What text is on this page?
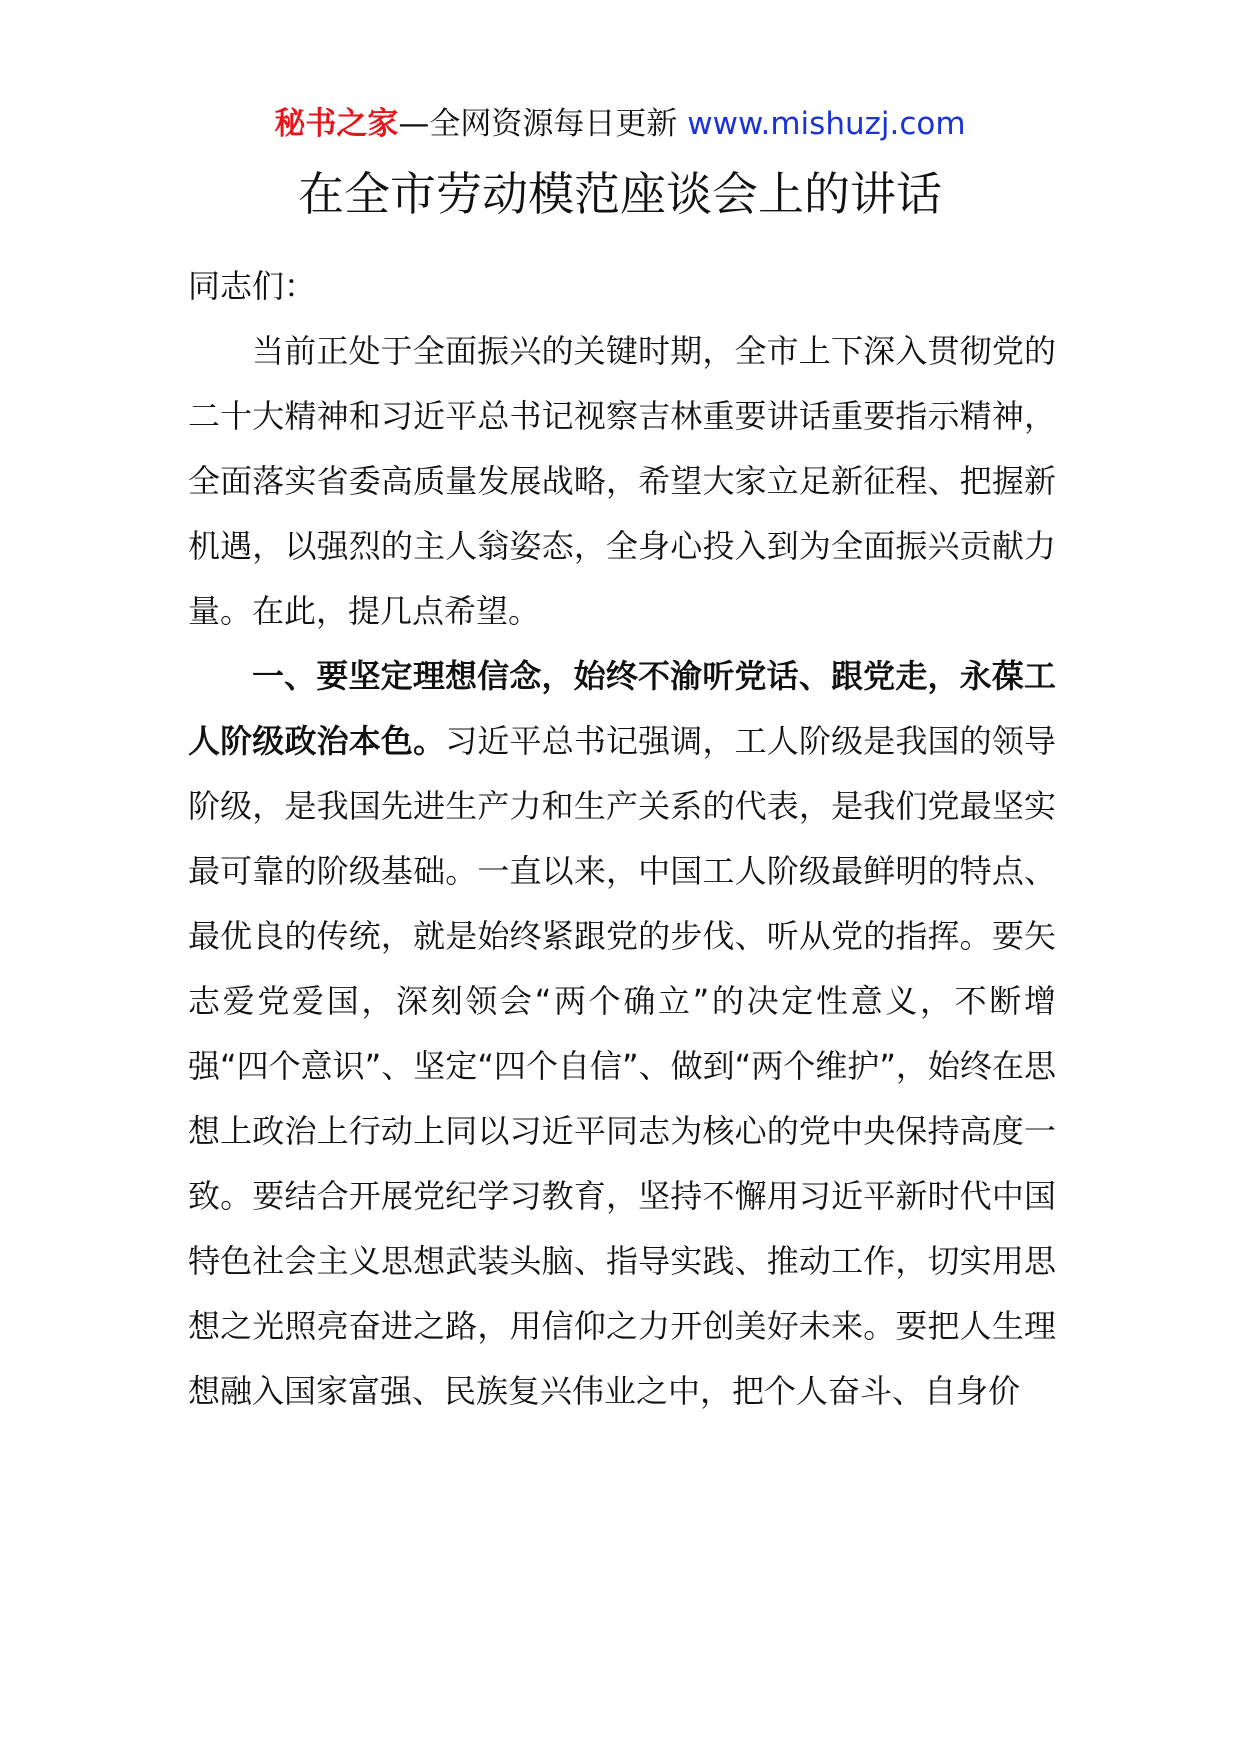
秘书之家—全网资源每日更新 www.mishuzj.com
在全市劳动模范座谈会上的讲话

同志们：

当前正处于全面振兴的关键时期，全市上下深入贯彻党的二十大精神和习近平总书记视察吉林重要讲话重要指示精神，全面落实省委高质量发展战略，希望大家立足新征程、把握新机遇，以强烈的主人翁姿态，全身心投入到为全面振兴贡献力量。在此，提几点希望。

一、要坚定理想信念，始终不渝听党话、跟党走，永葆工人阶级政治本色。习近平总书记强调，工人阶级是我国的领导阶级，是我国先进生产力和生产关系的代表，是我们党最坚实最可靠的阶级基础。一直以来，中国工人阶级最鲜明的特点、最优良的传统，就是始终紧跟党的步伐、听从党的指挥。要矢志爱党爱国，深刻领会“两个确立”的决定性意义，不断增强“四个意识”、坚定“四个自信”、做到“两个维护”，始终在思想上政治上行动上同以习近平同志为核心的党中央保持高度一致。要结合开展党纪学习教育，坚持不懈用习近平新时代中国特色社会主义思想武装头脑、指导实践、推动工作，切实用思想之光照亮奋进之路，用信仰之力开创美好未来。要把人生理想融入国家富强、民族复兴伟业之中，把个人奋斗、自身价
